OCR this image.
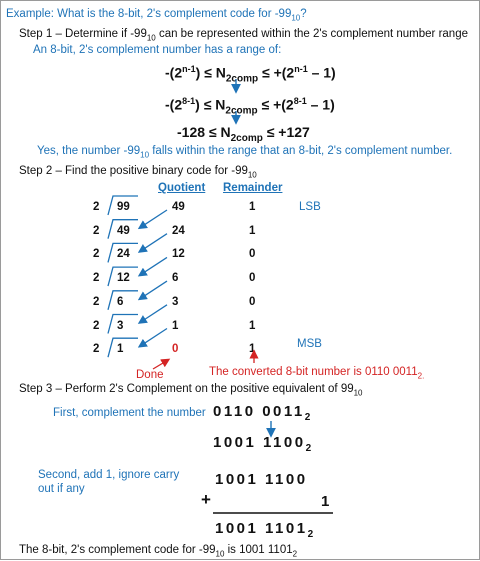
Example: What is the 8-bit, 2's complement code for $-99_{10}$?
Step 1 – Determine if $-99_{10}$ can be represented within the 2's complement number range
An 8-bit, 2's complement number has a range of:
$-(2^{n-1}) \le N_{2comp} \le +(2^{n-1} - 1)$
$-(2^{8-1}) \le N_{2comp} \le +(2^{8-1} - 1)$
$-128 \le N_{2comp} \le +127$
Yes, the number $-99_{10}$ falls within the range that an 8-bit, 2's complement number.
Step 2 – Find the positive binary code for $-99_{10}$
Quotient Remainder
2 99	49	1
2 49	24	1
2 24	12	0
2 12	6	0
2 6	3	0
2 3	1	1
2 1	0	1
LSB
MSB
Done	The converted 8-bit number is 0110 $0011_{2.}$
Step 3 – Perform 2's Complement on the positive equivalent of $99_{10}$
First, complement the number 0110 $0011_2$
1001 $1100_2$
Second, add 1, ignore carry
out if any
1001 1100
+	1
1001 $1101_2$
The 8-bit, 2's complement code for $-99_{10}$ is 1001 $1101_2$
